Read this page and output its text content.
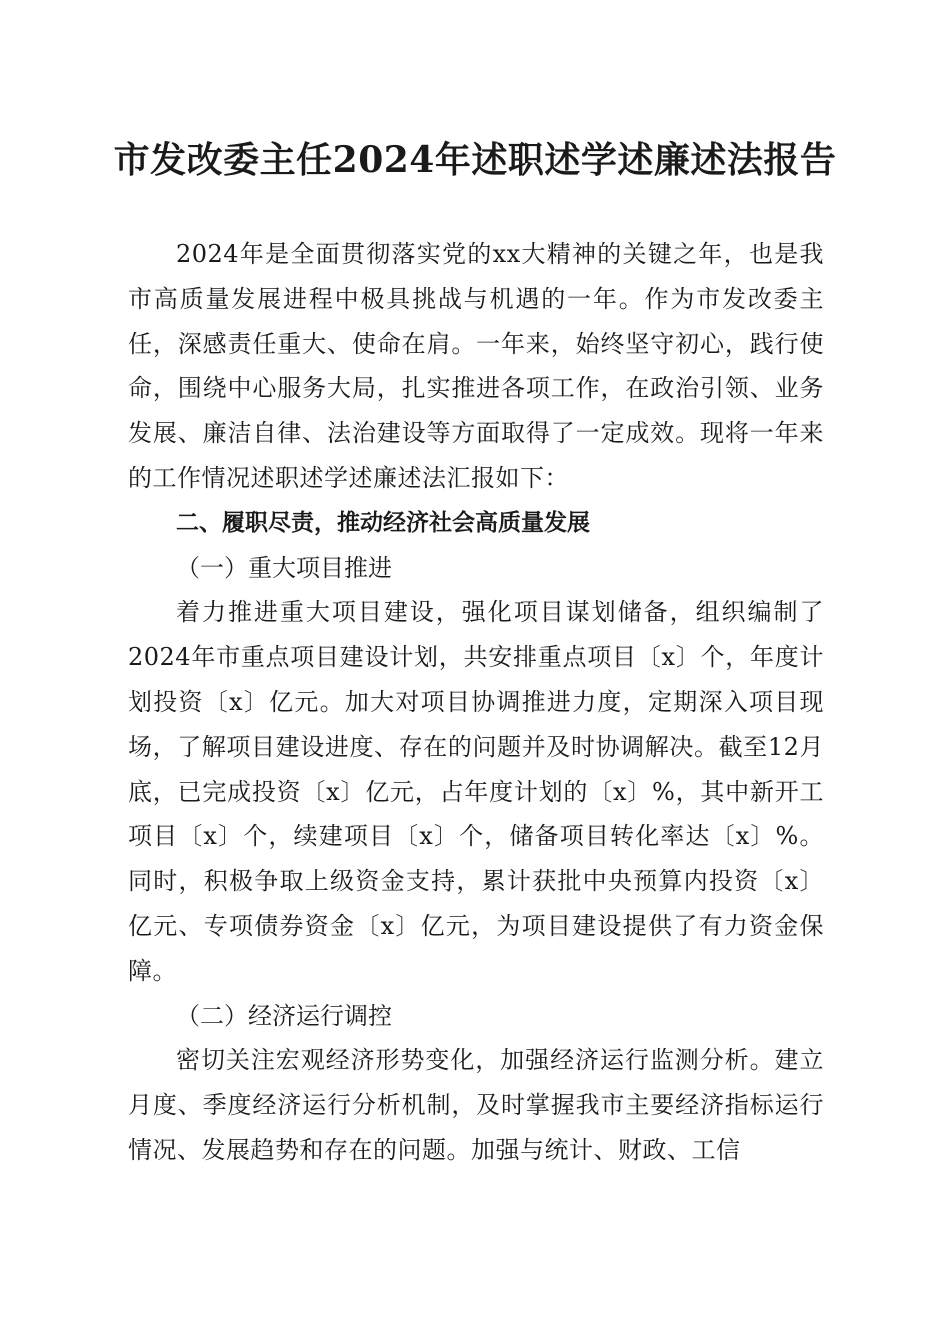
市发改委主任2024年述职述学述廉述法报告

2024年是全面贯彻落实党的xx大精神的关键之年，也是我市高质量发展进程中极具挑战与机遇的一年。作为市发改委主任，深感责任重大、使命在肩。一年来，始终坚守初心，践行使命，围绕中心服务大局，扎实推进各项工作，在政治引领、业务发展、廉洁自律、法治建设等方面取得了一定成效。现将一年来的工作情况述职述学述廉述法汇报如下：

二、履职尽责，推动经济社会高质量发展

（一）重大项目推进

着力推进重大项目建设，强化项目谋划储备，组织编制了2024年市重点项目建设计划，共安排重点项目〔x〕个，年度计划投资〔x〕亿元。加大对项目协调推进力度，定期深入项目现场，了解项目建设进度、存在的问题并及时协调解决。截至12月底，已完成投资〔x〕亿元，占年度计划的〔x〕%，其中新开工项目〔x〕个，续建项目〔x〕个，储备项目转化率达〔x〕%。同时，积极争取上级资金支持，累计获批中央预算内投资〔x〕亿元、专项债券资金〔x〕亿元，为项目建设提供了有力资金保障。

（二）经济运行调控

密切关注宏观经济形势变化，加强经济运行监测分析。建立月度、季度经济运行分析机制，及时掌握我市主要经济指标运行情况、发展趋势和存在的问题。加强与统计、财政、工信
